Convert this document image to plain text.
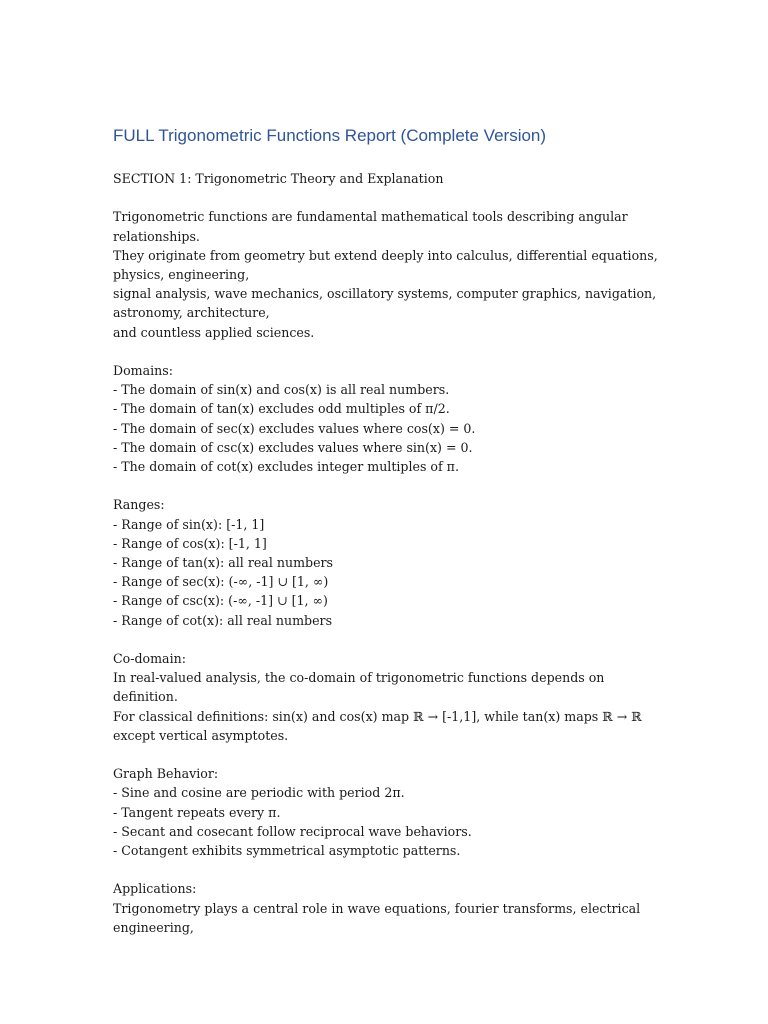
FULL Trigonometric Functions Report (Complete Version)

SECTION 1: Trigonometric Theory and Explanation

Trigonometric functions are fundamental mathematical tools describing angular relationships.
They originate from geometry but extend deeply into calculus, differential equations, physics, engineering,
signal analysis, wave mechanics, oscillatory systems, computer graphics, navigation, astronomy, architecture,
and countless applied sciences.

Domains:
- The domain of sin(x) and cos(x) is all real numbers.
- The domain of tan(x) excludes odd multiples of π/2.
- The domain of sec(x) excludes values where cos(x) = 0.
- The domain of csc(x) excludes values where sin(x) = 0.
- The domain of cot(x) excludes integer multiples of π.

Ranges:
- Range of sin(x): [-1, 1]
- Range of cos(x): [-1, 1]
- Range of tan(x): all real numbers
- Range of sec(x): (-∞, -1] ∪ [1, ∞)
- Range of csc(x): (-∞, -1] ∪ [1, ∞)
- Range of cot(x): all real numbers

Co-domain:
In real-valued analysis, the co-domain of trigonometric functions depends on definition.
For classical definitions: sin(x) and cos(x) map ℝ → [-1,1], while tan(x) maps ℝ → ℝ except vertical asymptotes.

Graph Behavior:
- Sine and cosine are periodic with period 2π.
- Tangent repeats every π.
- Secant and cosecant follow reciprocal wave behaviors.
- Cotangent exhibits symmetrical asymptotic patterns.

Applications:
Trigonometry plays a central role in wave equations, fourier transforms, electrical engineering,
